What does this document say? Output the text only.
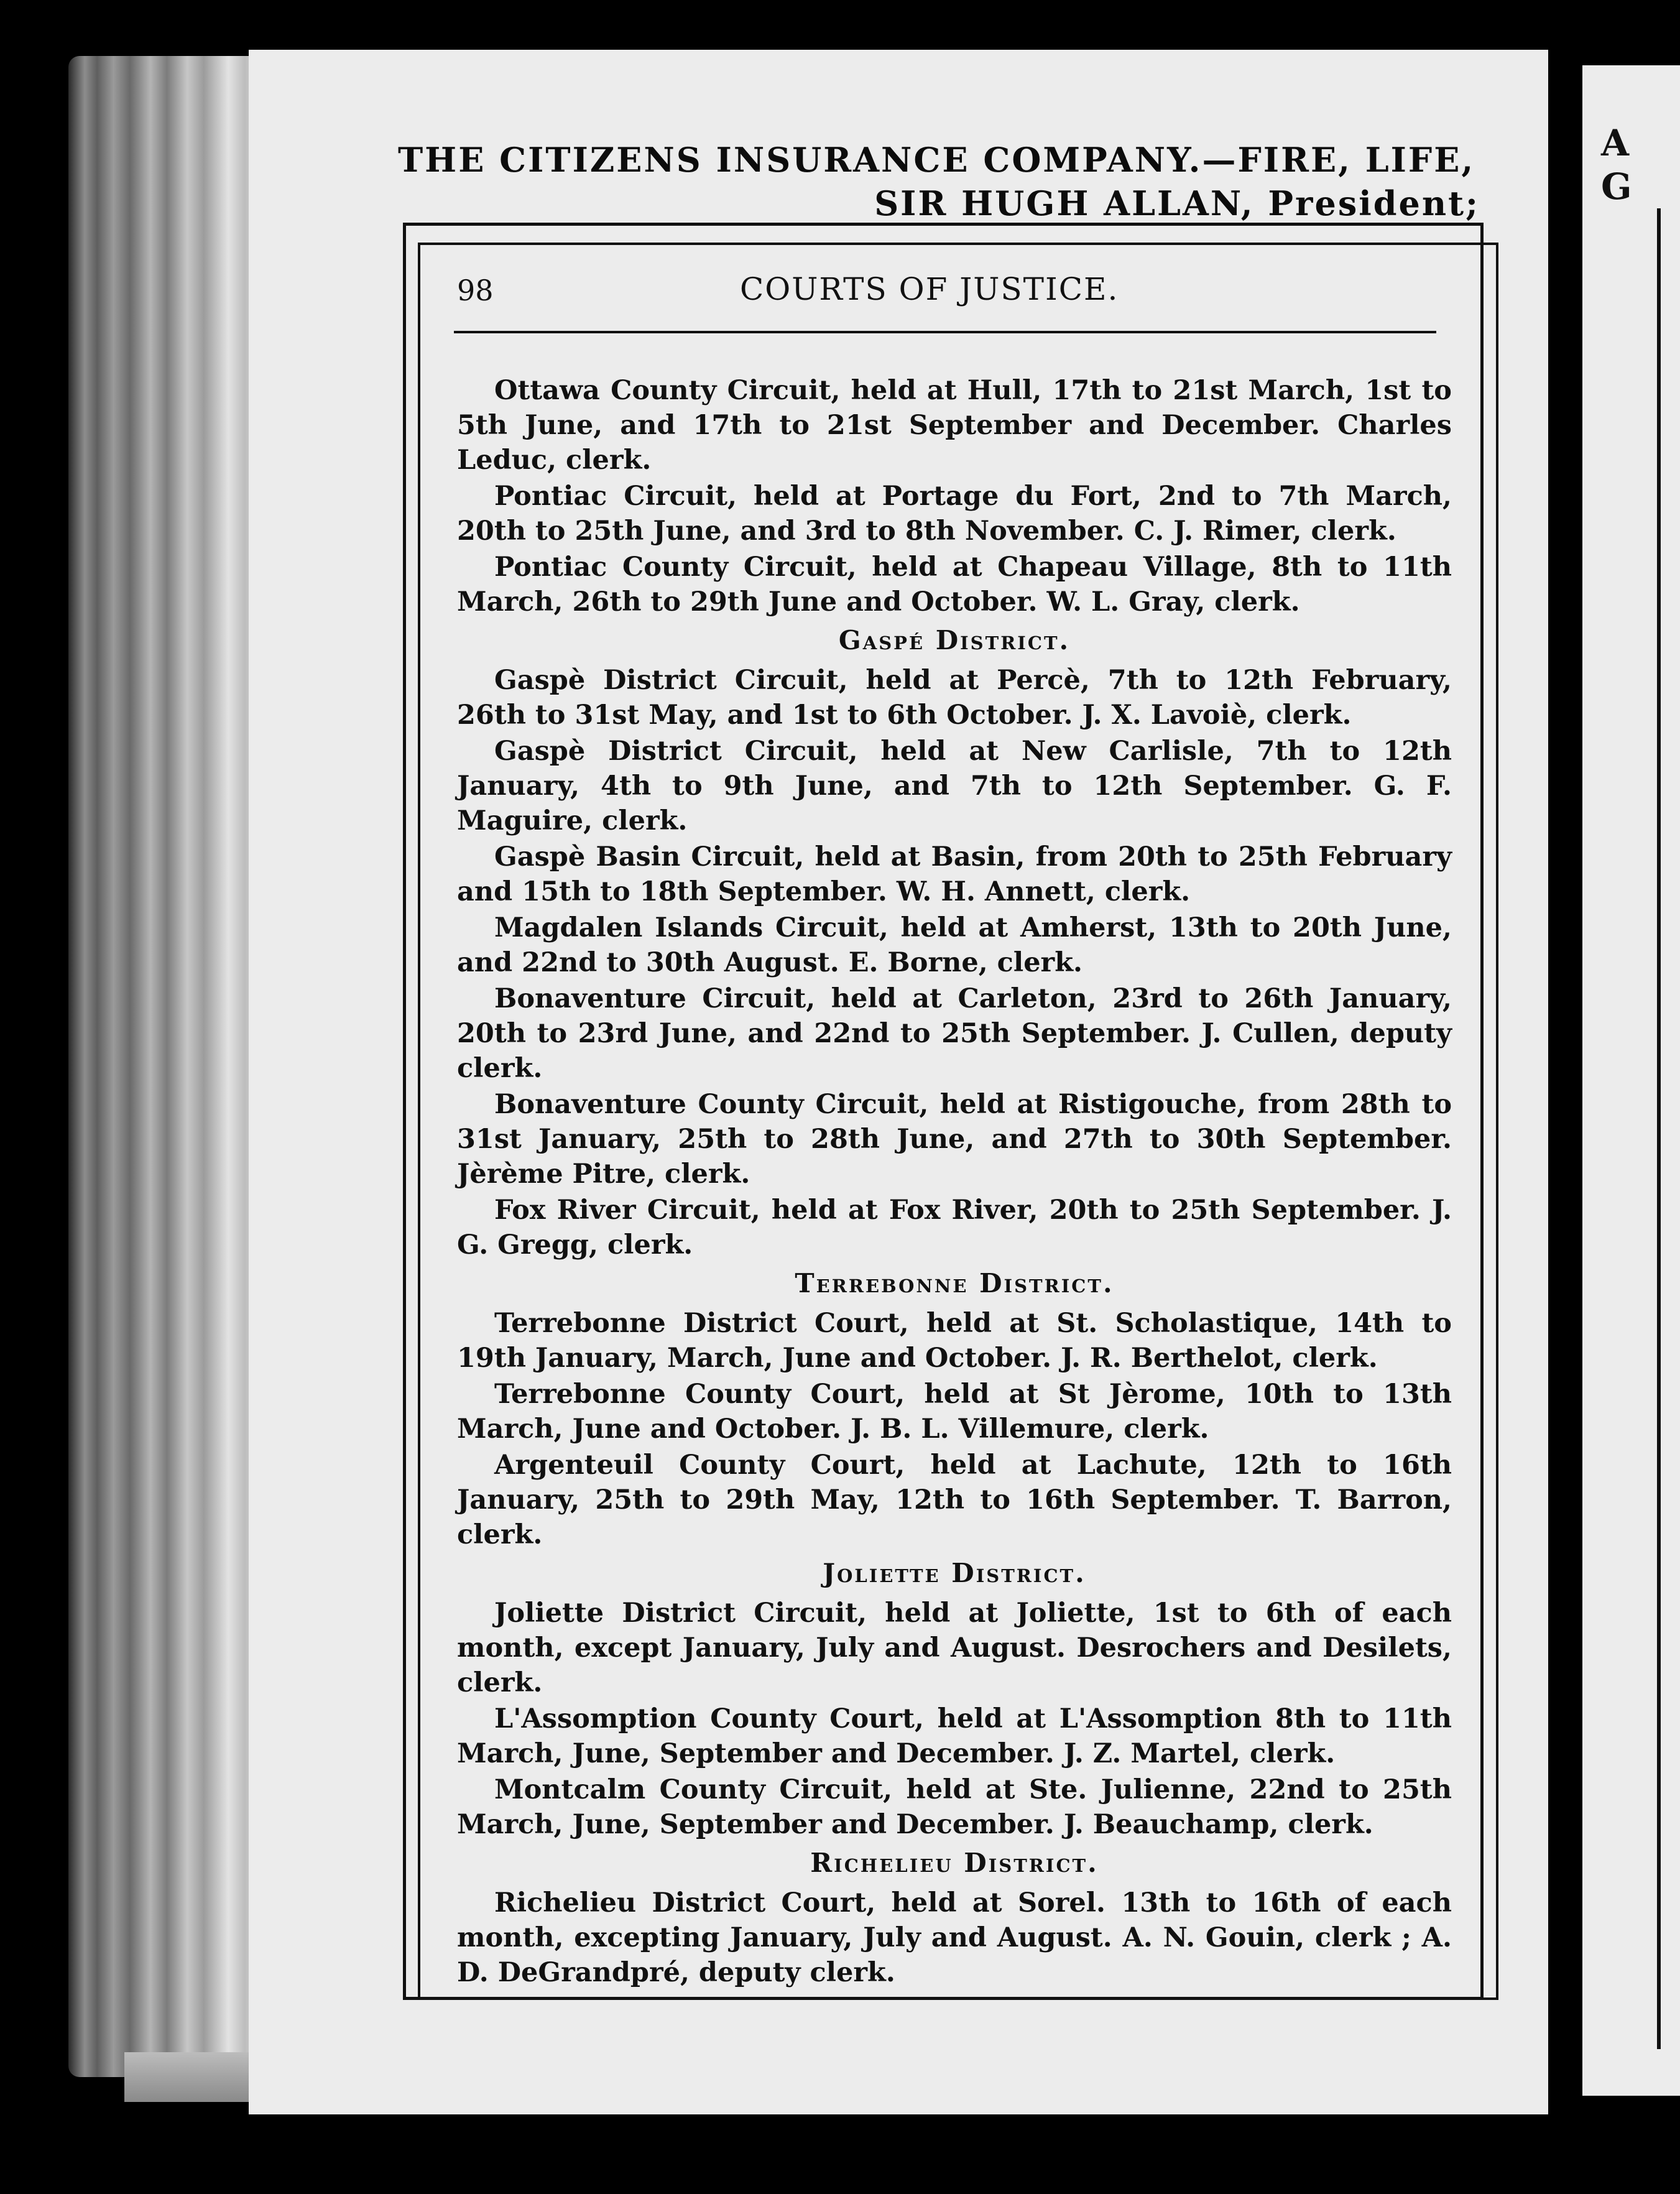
A
G
THE CITIZENS INSURANCE COMPANY.—FIRE, LIFE,
SIR HUGH ALLAN, President;
98	COURTS OF JUSTICE.
Ottawa County Circuit, held at Hull, 17th to 21st March, 1st to 5th June, and 17th to 21st September and December. Charles Leduc, clerk.
Pontiac Circuit, held at Portage du Fort, 2nd to 7th March, 20th to 25th June, and 3rd to 8th November. C. J. Rimer, clerk.
Pontiac County Circuit, held at Chapeau Village, 8th to 11th March, 26th to 29th June and October. W. L. Gray, clerk.
Gaspé District.
Gaspè District Circuit, held at Percè, 7th to 12th February, 26th to 31st May, and 1st to 6th October. J. X. Lavoiè, clerk.
Gaspè District Circuit, held at New Carlisle, 7th to 12th January, 4th to 9th June, and 7th to 12th September. G. F. Maguire, clerk.
Gaspè Basin Circuit, held at Basin, from 20th to 25th February and 15th to 18th September. W. H. Annett, clerk.
Magdalen Islands Circuit, held at Amherst, 13th to 20th June, and 22nd to 30th August. E. Borne, clerk.
Bonaventure Circuit, held at Carleton, 23rd to 26th January, 20th to 23rd June, and 22nd to 25th September. J. Cullen, deputy clerk.
Bonaventure County Circuit, held at Ristigouche, from 28th to 31st January, 25th to 28th June, and 27th to 30th September. Jèrème Pitre, clerk.
Fox River Circuit, held at Fox River, 20th to 25th September. J. G. Gregg, clerk.
Terrebonne District.
Terrebonne District Court, held at St. Scholastique, 14th to 19th January, March, June and October. J. R. Berthelot, clerk.
Terrebonne County Court, held at St Jèrome, 10th to 13th March, June and October. J. B. L. Villemure, clerk.
Argenteuil County Court, held at Lachute, 12th to 16th January, 25th to 29th May, 12th to 16th September. T. Barron, clerk.
Joliette District.
Joliette District Circuit, held at Joliette, 1st to 6th of each month, except January, July and August. Desrochers and Desilets, clerk.
L'Assomption County Court, held at L'Assomption 8th to 11th March, June, September and December. J. Z. Martel, clerk.
Montcalm County Circuit, held at Ste. Julienne, 22nd to 25th March, June, September and December. J. Beauchamp, clerk.
Richelieu District.
Richelieu District Court, held at Sorel. 13th to 16th of each month, excepting January, July and August. A. N. Gouin, clerk ; A. D. DeGrandpré, deputy clerk.
